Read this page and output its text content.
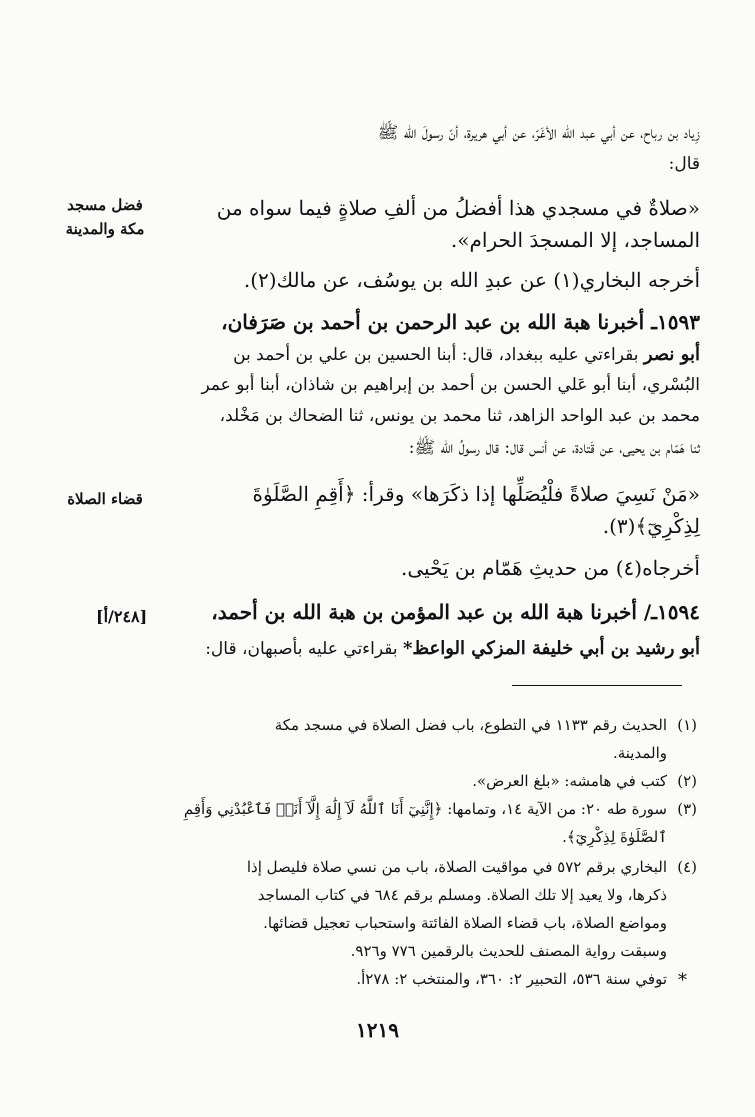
زِياد بن رباح، عن أبي عبد الله الأغَرّ، عن أبي هريرة، أنّ رسولَ الله ﷺ
قال:
«صلاةٌ في مسجدي هذا أفضلُ من ألفِ صلاةٍ فيما سواه من
المساجد، إلا المسجدَ الحرام».
أخرجه البخاري(١) عن عبدِ الله بن يوسُف، عن مالك(٢).
١٥٩٣ـ أخبرنا هبة الله بن عبد الرحمن بن أحمد بن صَرَفان،
أبو نصر بقراءتي عليه ببغداد، قال: أبنا الحسين بن علي بن أحمد بن
البُسْري، أبنا أبو عَلي الحسن بن أحمد بن إبراهيم بن شاذان، أبنا أبو عمر
محمد بن عبد الواحد الزاهد، ثنا محمد بن يونس، ثنا الضحاك بن مَخْلد،
ثنا هَمّام بن يحيى، عن قَتادة، عن أنس قال: قال رسولُ الله ﷺ:
«مَنْ نَسِيَ صلاةً فلْيُصَلِّها إذا ذكَرَها» وقرأ: ﴿أَقِمِ الصَّلَوٰةَ
لِذِكْرِيٓ﴾(٣).
أخرجاه(٤) من حديثِ هَمّام بن يَحْيى.
١٥٩٤ـ/ أخبرنا هبة الله بن عبد المؤمن بن هبة الله بن أحمد،
أبو رشيد بن أبي خليفة المزكي الواعظ* بقراءتي عليه بأصبهان، قال:
فضل مسجد
مكة والمدينة
قضاء الصلاة
[٢٤٨/أ]
(١)
الحديث رقم ١١٣٣ في التطوع، باب فضل الصلاة في مسجد مكة
والمدينة.
(٢)
كتب في هامشه: «بلغ العرض».
(٣)
سورة طه ٢٠: من الآية ١٤، وتمامها: ﴿إِنَّنِيٓ أَنَا ٱللَّهُ لَآ إِلَٰهَ إِلَّآ أَنَا۠ فَٱعْبُدْنِي وَأَقِمِ
ٱلصَّلَوٰةَ لِذِكْرِيٓ﴾.
(٤)
البخاري برقم ٥٧٢ في مواقيت الصلاة، باب من نسي صلاة فليصل إذا
ذكرها، ولا يعيد إلا تلك الصلاة. ومسلم برقم ٦٨٤ في كتاب المساجد
ومواضع الصلاة، باب قضاء الصلاة الفائتة واستحباب تعجيل قضائها.
وسبقت رواية المصنف للحديث بالرقمين ٧٧٦ و٩٢٦.
*
توفي سنة ٥٣٦، التحبير ٢: ٣٦٠، والمنتخب ٢: ٢٧٨أ.
١٢١٩
